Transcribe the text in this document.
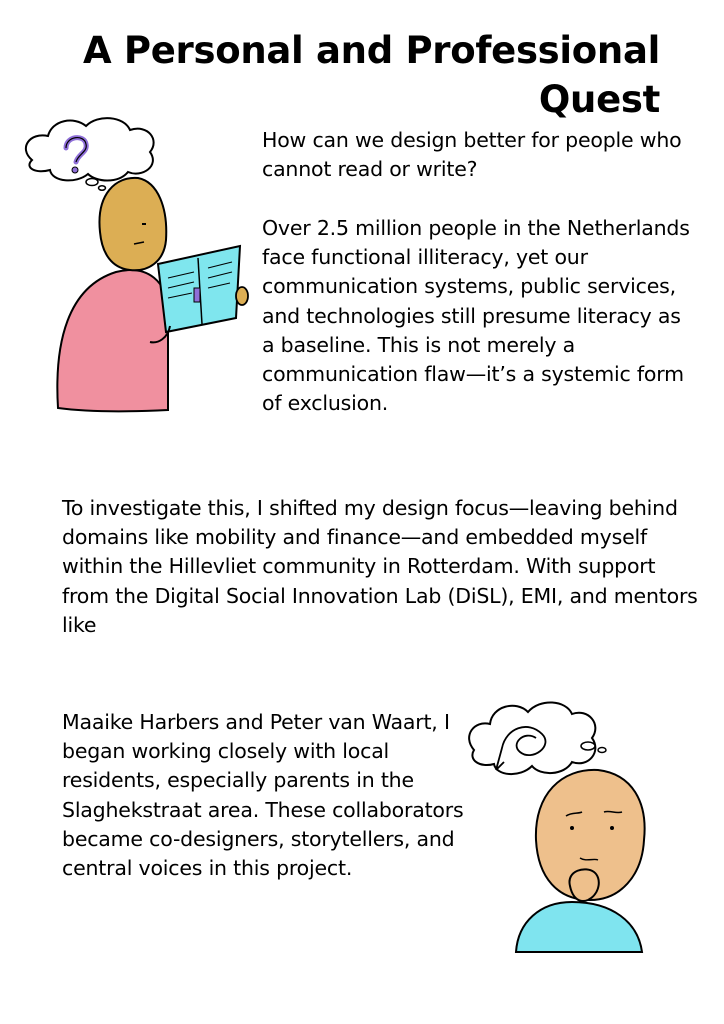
A Personal and Professional Quest

How can we design better for people who cannot read or write?

Over 2.5 million people in the Netherlands face functional illiteracy, yet our communication systems, public services, and technologies still presume literacy as a baseline. This is not merely a communication flaw—it’s a systemic form of exclusion.

To investigate this, I shifted my design focus—leaving behind domains like mobility and finance—and embedded myself within the Hillevliet community in Rotterdam. With support from the Digital Social Innovation Lab (DiSL), EMI, and mentors like

Maaike Harbers and Peter van Waart, I began working closely with local residents, especially parents in the Slaghekstraat area. These collaborators became co-designers, storytellers, and central voices in this project.
